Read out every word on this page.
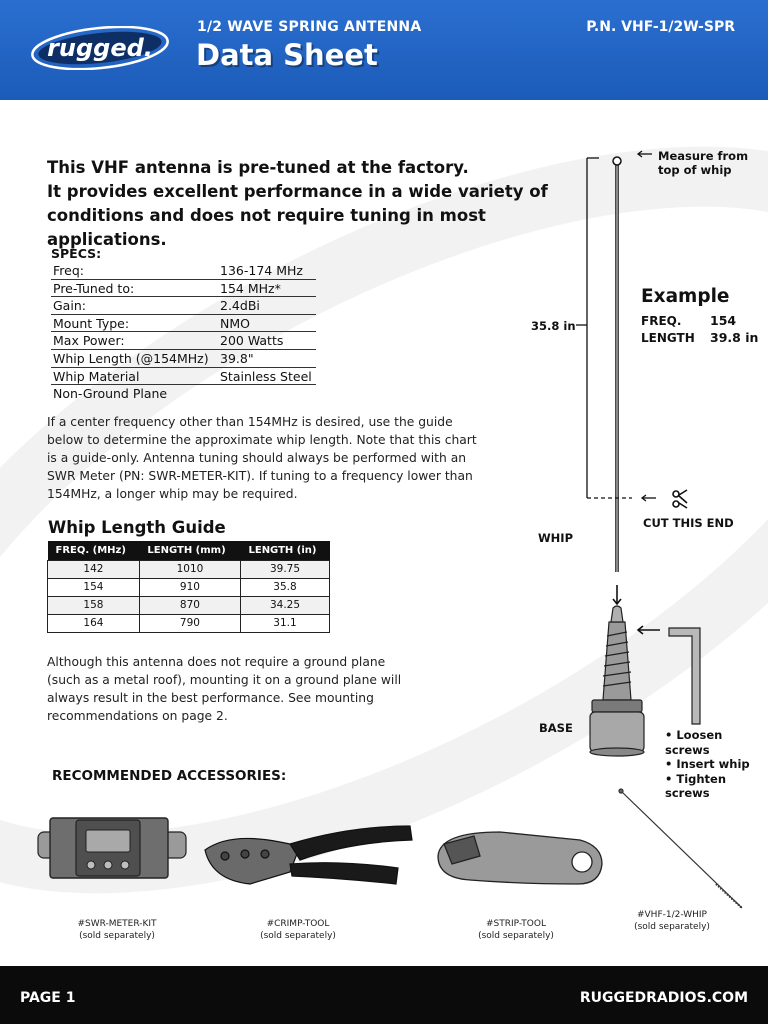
rugged.
1/2 WAVE SPRING ANTENNA
Data Sheet
P.N. VHF-1/2W-SPR
This VHF antenna is pre-tuned at the factory.
It provides excellent performance in a wide variety of
conditions and does not require tuning in most applications.
SPECS:
Freq:	136-174 MHz
Pre-Tuned to:	154 MHz*
Gain:	2.4dBi
Mount Type:	NMO
Max Power:	200 Watts
Whip Length (@154MHz) 39.8"
Whip Material	Stainless Steel
Non-Ground Plane
If a center frequency other than 154MHz is desired, use the guide below to determine the approximate whip length. Note that this chart is a guide-only. Antenna tuning should always be performed with an SWR Meter (PN: SWR-METER-KIT). If tuning to a frequency lower than 154MHz, a longer whip may be required.
Whip Length Guide
FREQ. (MHz)	LENGTH (mm)	LENGTH (in)
142	1010	39.75
154	910	35.8
158	870	34.25
164	790	31.1
Although this antenna does not require a ground plane (such as a metal roof), mounting it on a ground plane will always result in the best performance. See mounting recommendations on page 2.
Measure from
top of whip
35.8 in
Example
FREQ. 154
LENGTH 39.8 in
CUT THIS END
WHIP
BASE	• Loosen screws
• Insert whip
• Tighten screws
RECOMMENDED ACCESSORIES:
#SWR-METER-KIT
(sold separately)
#CRIMP-TOOL
(sold separately)
#STRIP-TOOL
(sold separately)
#VHF-1/2-WHIP
(sold separately)
PAGE 1	RUGGEDRADIOS.COM
